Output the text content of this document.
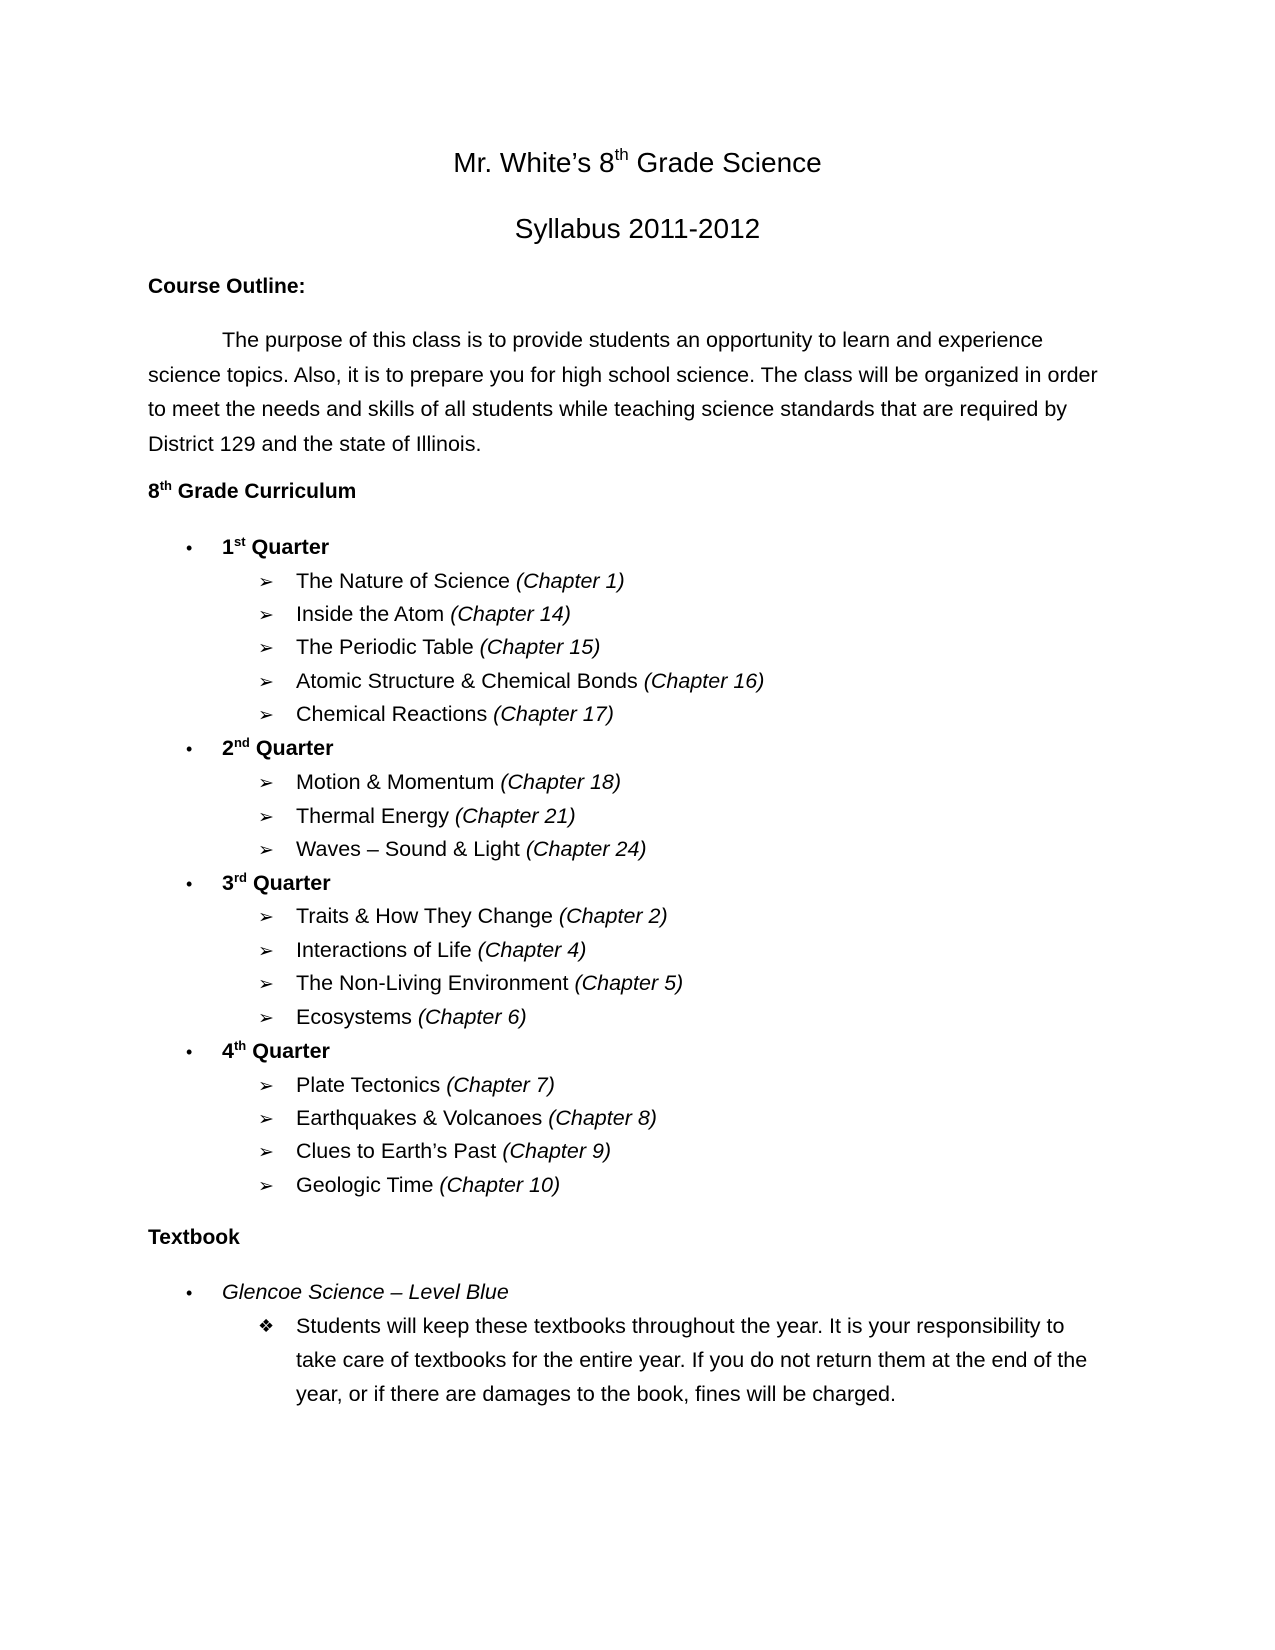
Mr. White’s 8th Grade Science
Syllabus 2011-2012
Course Outline:
The purpose of this class is to provide students an opportunity to learn and experience science topics. Also, it is to prepare you for high school science. The class will be organized in order to meet the needs and skills of all students while teaching science standards that are required by District 129 and the state of Illinois.
8th Grade Curriculum
• 1st Quarter
➢ The Nature of Science (Chapter 1)
➢ Inside the Atom (Chapter 14)
➢ The Periodic Table (Chapter 15)
➢ Atomic Structure & Chemical Bonds (Chapter 16)
➢ Chemical Reactions (Chapter 17)
• 2nd Quarter
➢ Motion & Momentum (Chapter 18)
➢ Thermal Energy (Chapter 21)
➢ Waves – Sound & Light (Chapter 24)
• 3rd Quarter
➢ Traits & How They Change (Chapter 2)
➢ Interactions of Life (Chapter 4)
➢ The Non-Living Environment (Chapter 5)
➢ Ecosystems (Chapter 6)
• 4th Quarter
➢ Plate Tectonics (Chapter 7)
➢ Earthquakes & Volcanoes (Chapter 8)
➢ Clues to Earth’s Past (Chapter 9)
➢ Geologic Time (Chapter 10)
Textbook
• Glencoe Science – Level Blue
❖ Students will keep these textbooks throughout the year. It is your responsibility to take care of textbooks for the entire year. If you do not return them at the end of the year, or if there are damages to the book, fines will be charged.
